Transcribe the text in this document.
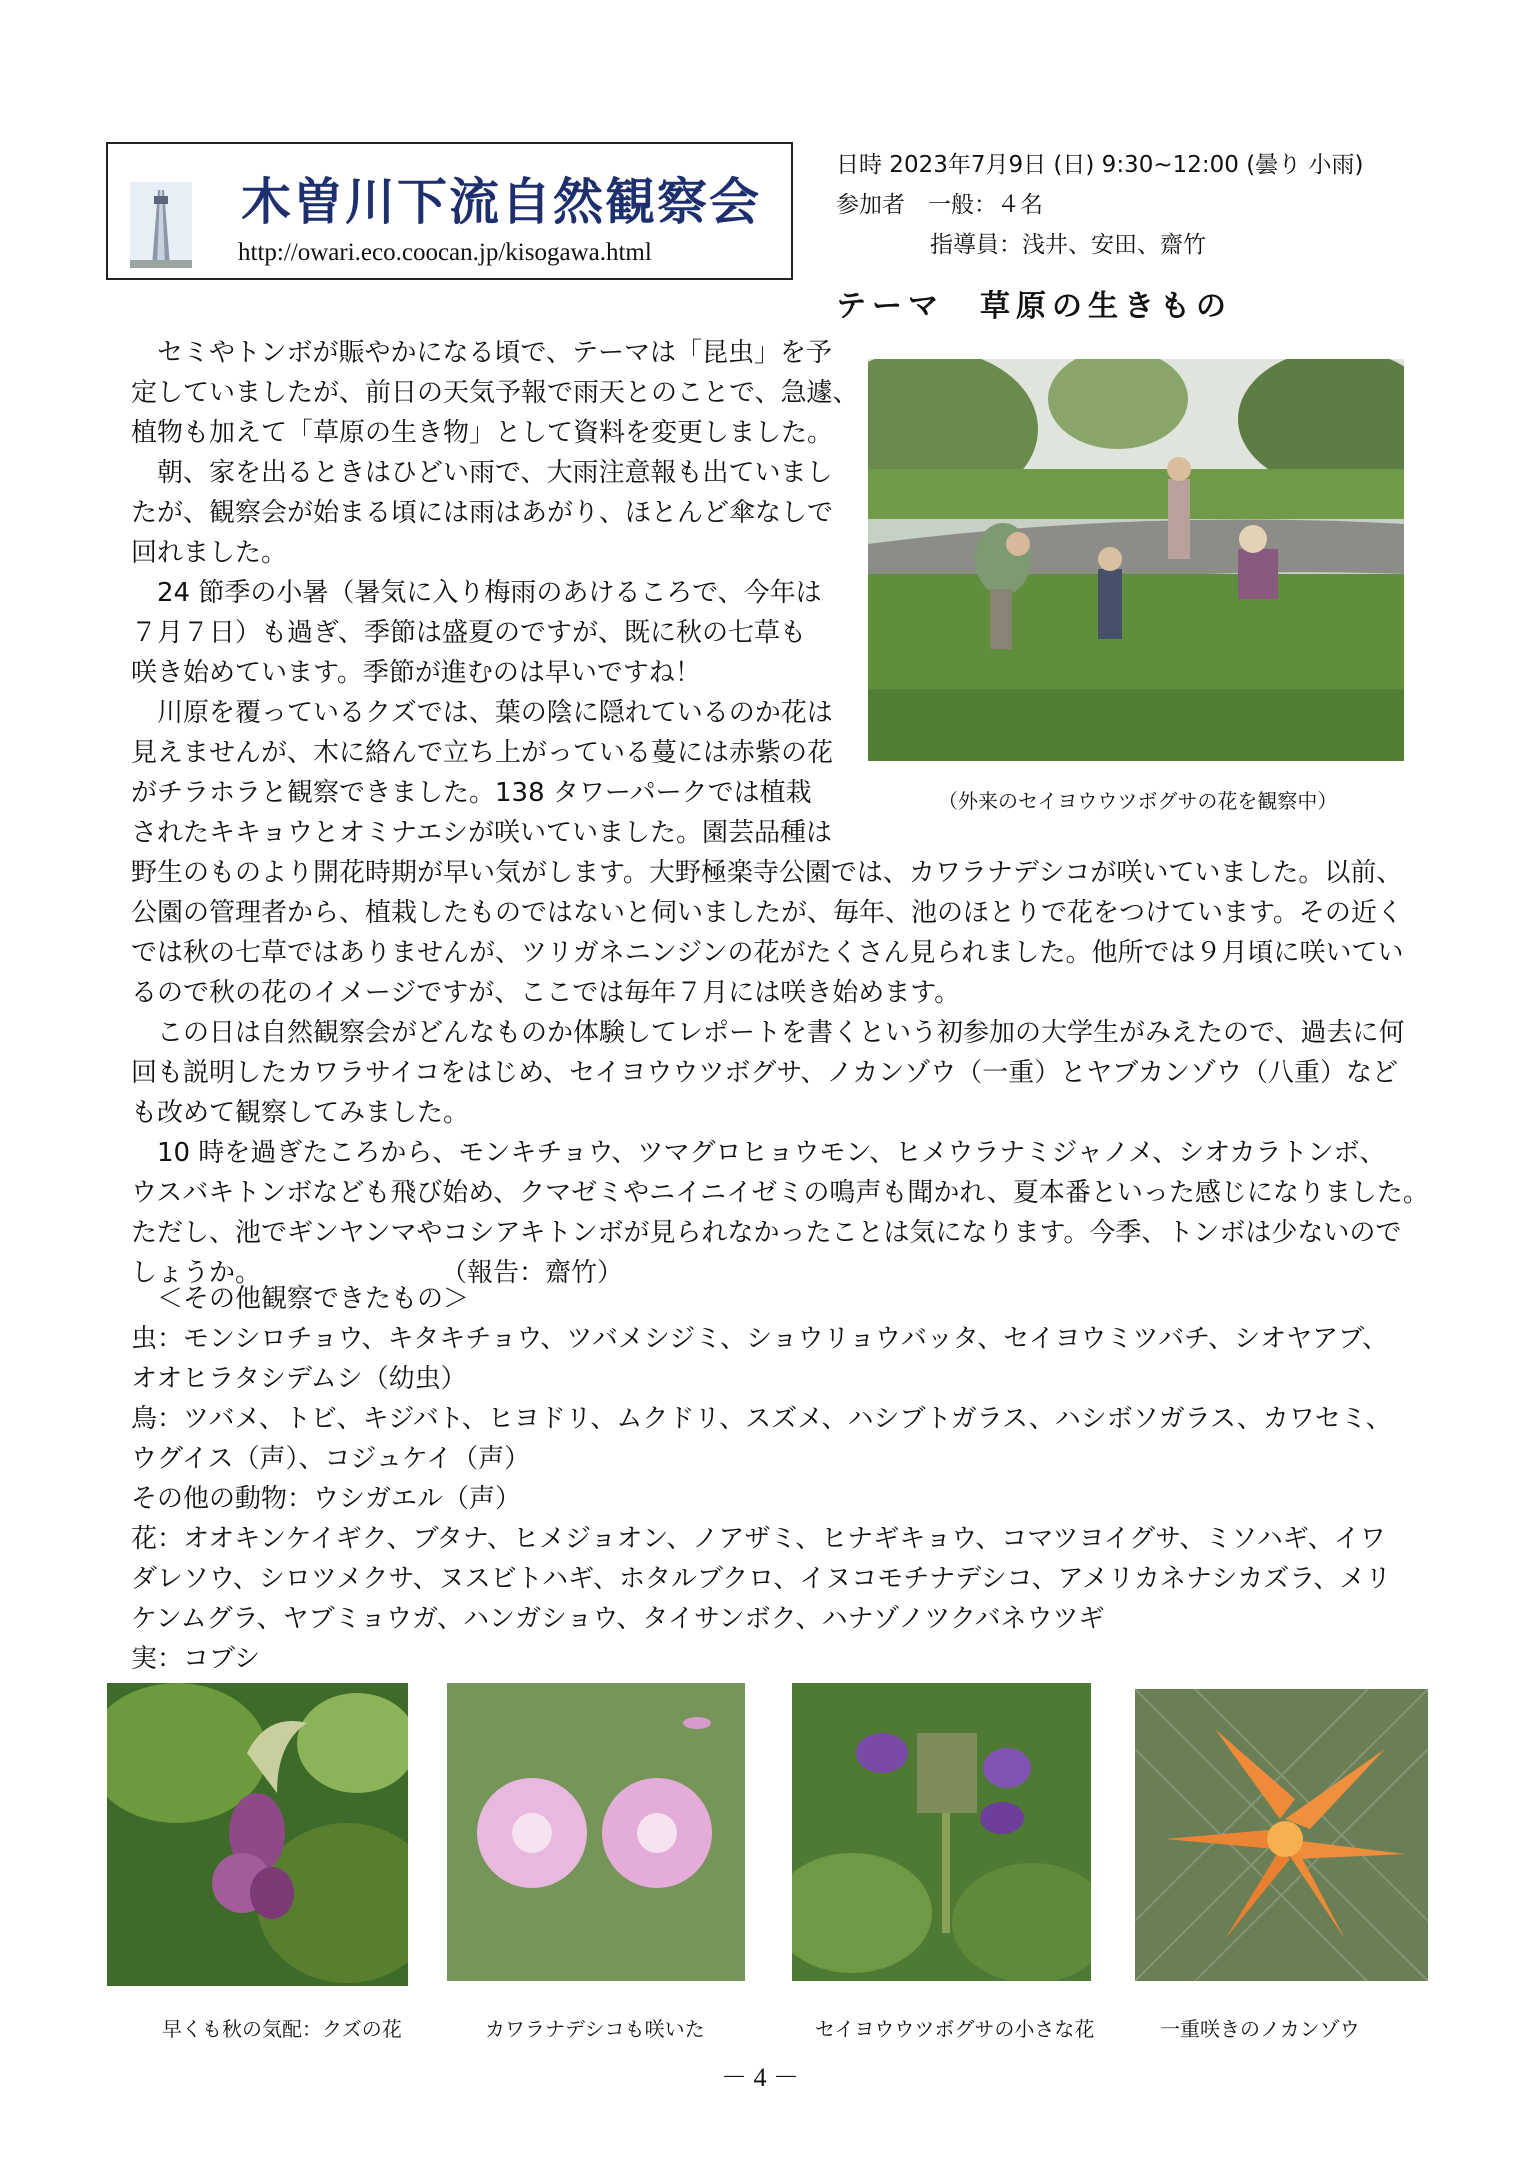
木曽川下流自然観察会
http://owari.eco.coocan.jp/kisogawa.html
日時 2023年7月9日 (日) 9:30~12:00 (曇り 小雨)
参加者　一般：４名
指導員：浅井、安田、齋竹
テーマ　草原の生きもの
（外来のセイヨウウツボグサの花を観察中）
　セミやトンボが賑やかになる頃で、テーマは「昆虫」を予
定していましたが、前日の天気予報で雨天とのことで、急遽、
植物も加えて「草原の生き物」として資料を変更しました。
　朝、家を出るときはひどい雨で、大雨注意報も出ていまし
たが、観察会が始まる頃には雨はあがり、ほとんど傘なしで
回れました。
　24 節季の小暑（暑気に入り梅雨のあけるころで、今年は
７月７日）も過ぎ、季節は盛夏のですが、既に秋の七草も
咲き始めています。季節が進むのは早いですね！
　川原を覆っているクズでは、葉の陰に隠れているのか花は
見えませんが、木に絡んで立ち上がっている蔓には赤紫の花
がチラホラと観察できました。138 タワーパークでは植栽
されたキキョウとオミナエシが咲いていました。園芸品種は
野生のものより開花時期が早い気がします。大野極楽寺公園では、カワラナデシコが咲いていました。以前、
公園の管理者から、植栽したものではないと伺いましたが、毎年、池のほとりで花をつけています。その近く
では秋の七草ではありませんが、ツリガネニンジンの花がたくさん見られました。他所では９月頃に咲いてい
るので秋の花のイメージですが、ここでは毎年７月には咲き始めます。
　この日は自然観察会がどんなものか体験してレポートを書くという初参加の大学生がみえたので、過去に何
回も説明したカワラサイコをはじめ、セイヨウウツボグサ、ノカンゾウ（一重）とヤブカンゾウ（八重）など
も改めて観察してみました。
　10 時を過ぎたころから、モンキチョウ、ツマグロヒョウモン、ヒメウラナミジャノメ、シオカラトンボ、
ウスバキトンボなども飛び始め、クマゼミやニイニイゼミの鳴声も聞かれ、夏本番といった感じになりました。
ただし、池でギンヤンマやコシアキトンボが見られなかったことは気になります。今季、トンボは少ないので
しょうか。	（報告：齋竹）
　＜その他観察できたもの＞
虫：モンシロチョウ、キタキチョウ、ツバメシジミ、ショウリョウバッタ、セイヨウミツバチ、シオヤアブ、
オオヒラタシデムシ（幼虫）
鳥：ツバメ、トビ、キジバト、ヒヨドリ、ムクドリ、スズメ、ハシブトガラス、ハシボソガラス、カワセミ、
ウグイス（声）、コジュケイ（声）
その他の動物：ウシガエル（声）
花：オオキンケイギク、ブタナ、ヒメジョオン、ノアザミ、ヒナギキョウ、コマツヨイグサ、ミソハギ、イワ
ダレソウ、シロツメクサ、ヌスビトハギ、ホタルブクロ、イヌコモチナデシコ、アメリカネナシカズラ、メリ
ケンムグラ、ヤブミョウガ、ハンガショウ、タイサンボク、ハナゾノツクバネウツギ
実：コブシ
早くも秋の気配：クズの花	カワラナデシコも咲いた	セイヨウウツボグサの小さな花	一重咲きのノカンゾウ
－ 4 －
